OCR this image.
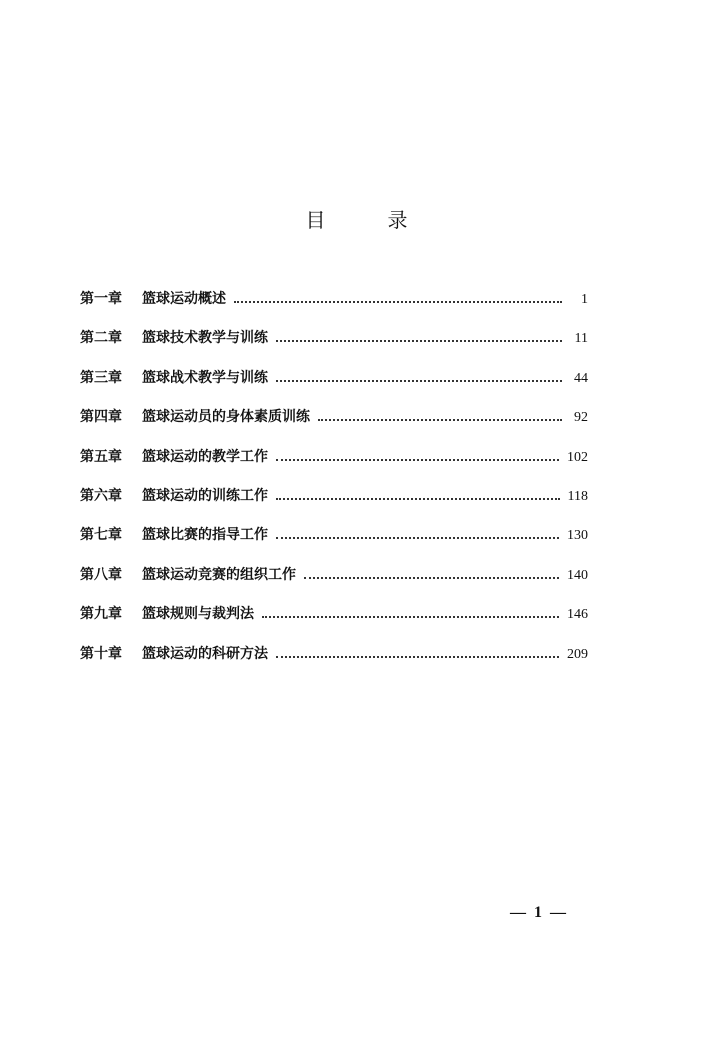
目	录
第一章	篮球运动概述	1
第二章	篮球技术教学与训练	11
第三章	篮球战术教学与训练	44
第四章	篮球运动员的身体素质训练	92
第五章	篮球运动的教学工作	102
第六章	篮球运动的训练工作	118
第七章	篮球比赛的指导工作	130
第八章	篮球运动竞赛的组织工作	140
第九章	篮球规则与裁判法	146
第十章	篮球运动的科研方法	209
— 1 —
